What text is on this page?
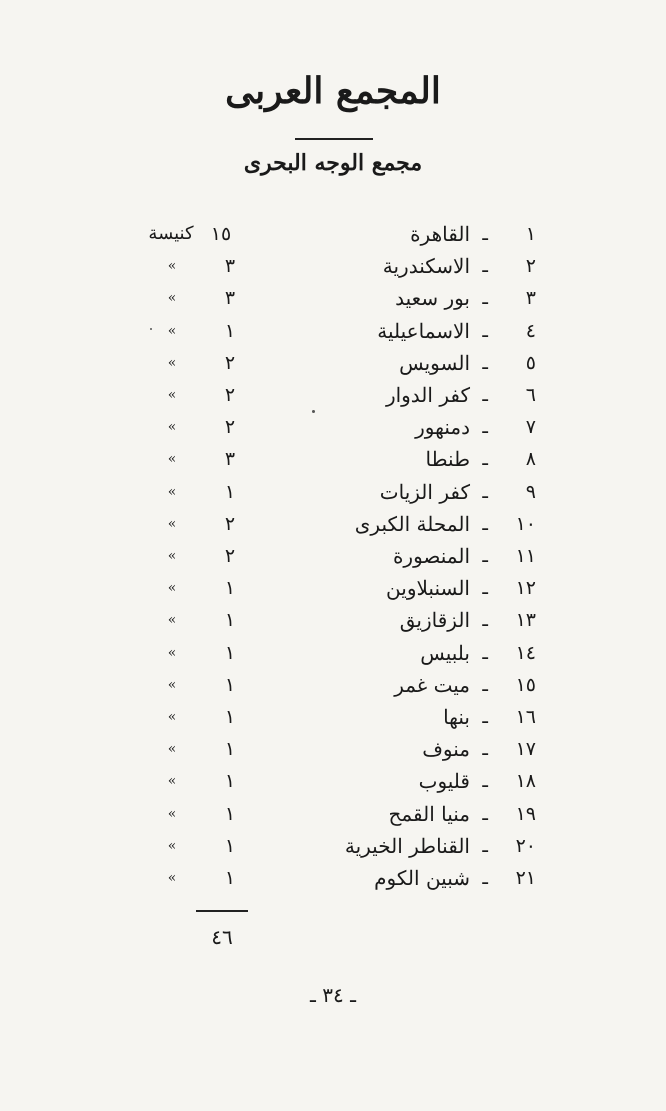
المجمع العربى
مجمع الوجه البحرى
١
ـ
القاهرة
١٥
كنيسة
٢
ـ
الاسكندرية
٣
»
٣
ـ
بور سعيد
٣
»
٤
ـ
الاسماعيلية
١
»
٥
ـ
السويس
٢
»
٦
ـ
كفر الدوار
٢
»
٧
ـ
دمنهور
٢
»
٨
ـ
طنطا
٣
»
٩
ـ
كفر الزيات
١
»
١٠
ـ
المحلة الكبرى
٢
»
١١
ـ
المنصورة
٢
»
١٢
ـ
السنبلاوين
١
»
١٣
ـ
الزقازيق
١
»
١٤
ـ
بلبيس
١
»
١٥
ـ
ميت غمر
١
»
١٦
ـ
بنها
١
»
١٧
ـ
منوف
١
»
١٨
ـ
قليوب
١
»
١٩
ـ
منيا القمح
١
»
٢٠
ـ
القناطر الخيرية
١
»
٢١
ـ
شبين الكوم
١
»
٤٦
ـ ٣٤ ـ
